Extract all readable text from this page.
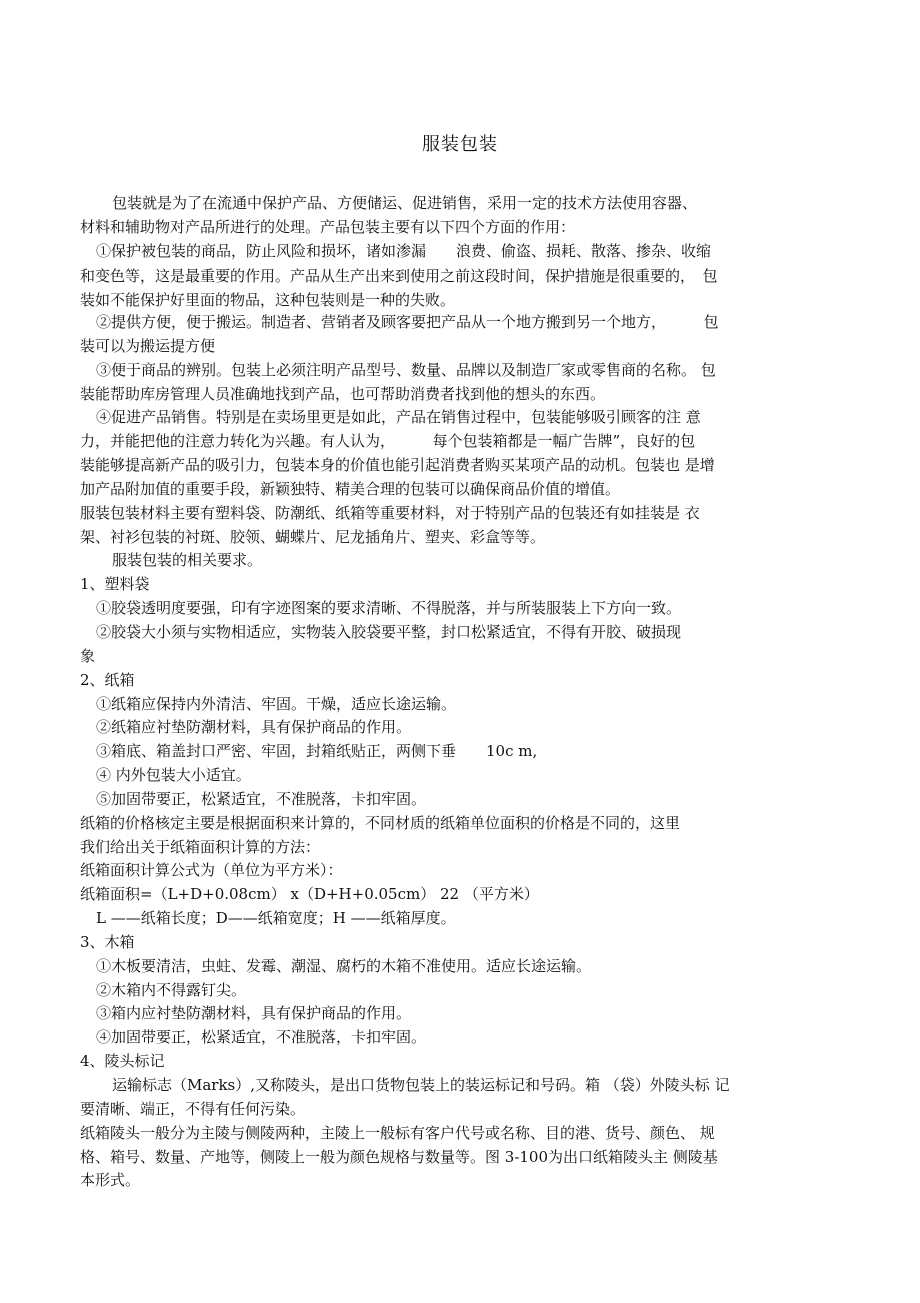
服装包装
包装就是为了在流通中保护产品、方便储运、促进销售，采用一定的技术方法使用容器、
材料和辅助物对产品所进行的处理。产品包装主要有以下四个方面的作用：
①保护被包装的商品，防止风险和损坏，诸如渗漏　　浪费、偷盗、损耗、散落、掺杂、收缩
和变色等，这是最重要的作用。产品从生产出来到使用之前这段时间，保护措施是很重要的，　包
装如不能保护好里面的物品，这种包装则是一种的失败。
②提供方便，便于搬运。制造者、营销者及顾客要把产品从一个地方搬到另一个地方，　　　包
装可以为搬运提方便
③便于商品的辨别。包装上必须注明产品型号、数量、品牌以及制造厂家或零售商的名称。 包
装能帮助库房管理人员准确地找到产品，也可帮助消费者找到他的想头的东西。
④促进产品销售。特别是在卖场里更是如此，产品在销售过程中，包装能够吸引顾客的注 意
力，并能把他的注意力转化为兴趣。有人认为，　　　每个包装箱都是一幅广告牌”，良好的包
装能够提高新产品的吸引力，包装本身的价值也能引起消费者购买某项产品的动机。包装也 是增
加产品附加值的重要手段，新颖独特、精美合理的包装可以确保商品价值的增值。
服装包装材料主要有塑料袋、防潮纸、纸箱等重要材料，对于特别产品的包装还有如挂装是 衣
架、衬衫包装的衬斑、胶领、蝴蝶片、尼龙插角片、塑夹、彩盒等等。
服装包装的相关要求。
1、塑料袋
①胶袋透明度要强，印有字迹图案的要求清晰、不得脱落，并与所装服装上下方向一致。
②胶袋大小须与实物相适应，实物装入胶袋要平整，封口松紧适宜，不得有开胶、破损现
象
2、纸箱
①纸箱应保持内外清洁、牢固。干燥，适应长途运输。
②纸箱应衬垫防潮材料，具有保护商品的作用。
③箱底、箱盖封口严密、牢固，封箱纸贴正，两侧下垂　　10c m,
④ 内外包装大小适宜。
⑤加固带要正，松紧适宜，不准脱落，卡扣牢固。
纸箱的价格核定主要是根据面积来计算的，不同材质的纸箱单位面积的价格是不同的，这里
我们给出关于纸箱面积计算的方法：
纸箱面积计算公式为（单位为平方米）：
纸箱面积=（L+D+0.08cm） x（D+H+0.05cm） 22 （平方米）
L ——纸箱长度；D——纸箱宽度；H ——纸箱厚度。
3、木箱
①木板要清洁，虫蛀、发霉、潮湿、腐朽的木箱不准使用。适应长途运输。
②木箱内不得露钉尖。
③箱内应衬垫防潮材料，具有保护商品的作用。
④加固带要正，松紧适宜，不准脱落，卡扣牢固。
4、陵头标记
运输标志（Marks）,又称陵头，是出口货物包装上的装运标记和号码。箱 （袋）外陵头标 记
要清晰、端正，不得有任何污染。
纸箱陵头一般分为主陵与侧陵两种，主陵上一般标有客户代号或名称、目的港、货号、颜色、 规
格、箱号、数量、产地等，侧陵上一般为颜色规格与数量等。图 3-100为出口纸箱陵头主 侧陵基
本形式。
